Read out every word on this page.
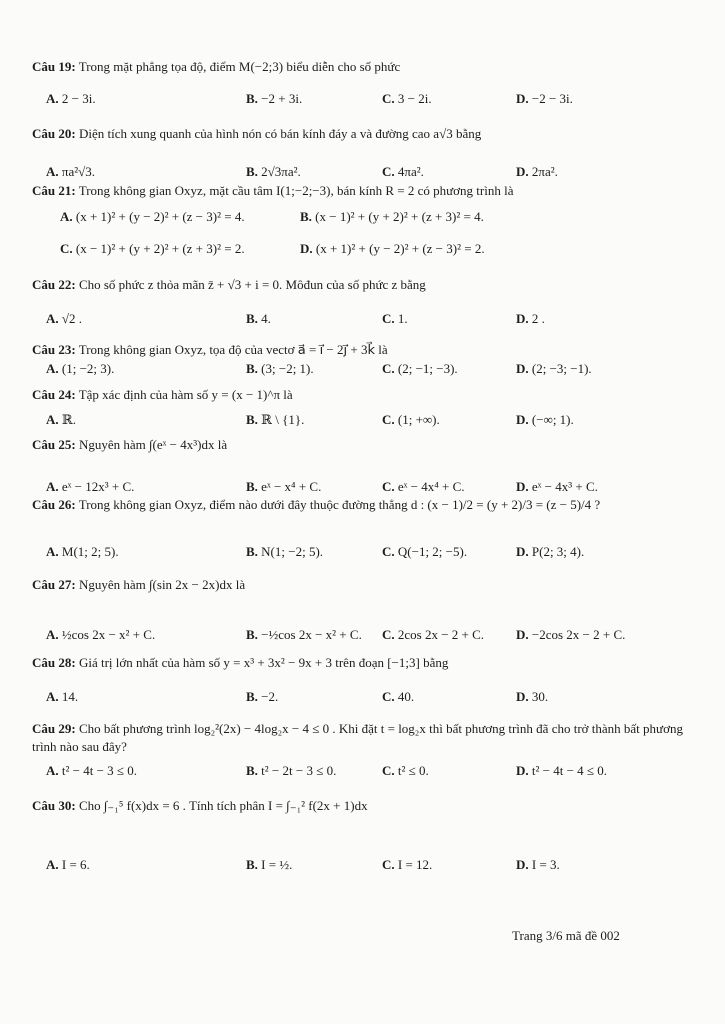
Câu 19: Trong mặt phẳng tọa độ, điểm M(−2;3) biểu diễn cho số phức
A. 2 − 3i.	B. −2 + 3i.	C. 3 − 2i.	D. −2 − 3i.
Câu 20: Diện tích xung quanh của hình nón có bán kính đáy a và đường cao a√3 bằng
A. πa²√3.	B. 2√3πa².	C. 4πa².	D. 2πa².
Câu 21: Trong không gian Oxyz, mặt cầu tâm I(1;−2;−3), bán kính R = 2 có phương trình là
A. (x + 1)² + (y − 2)² + (z − 3)² = 4.	B. (x − 1)² + (y + 2)² + (z + 3)² = 4.
C. (x − 1)² + (y + 2)² + (z + 3)² = 2.	D. (x + 1)² + (y − 2)² + (z − 3)² = 2.
Câu 22: Cho số phức z thỏa mãn z̄ + √3 + i = 0. Môđun của số phức z bằng
A. √2 .	B. 4.	C. 1.	D. 2 .
Câu 23: Trong không gian Oxyz, tọa độ của vectơ a⃗ = i⃗ − 2j⃗ + 3k⃗ là
A. (1; −2; 3).	B. (3; −2; 1).	C. (2; −1; −3).	D. (2; −3; −1).
Câu 24: Tập xác định của hàm số y = (x − 1)^π là
A. ℝ.	B. ℝ \ {1}.	C. (1; +∞).	D. (−∞; 1).
Câu 25: Nguyên hàm ∫(eˣ − 4x³)dx là
A. eˣ − 12x³ + C.	B. eˣ − x⁴ + C.	C. eˣ − 4x⁴ + C.	D. eˣ − 4x³ + C.
Câu 26: Trong không gian Oxyz, điểm nào dưới đây thuộc đường thẳng d : (x − 1)/2 = (y + 2)/3 = (z − 5)/4 ?
A. M(1; 2; 5).	B. N(1; −2; 5).	C. Q(−1; 2; −5).	D. P(2; 3; 4).
Câu 27: Nguyên hàm ∫(sin 2x − 2x)dx là
A. ½cos 2x − x² + C.	B. −½cos 2x − x² + C. C. 2cos 2x − 2 + C. D. −2cos 2x − 2 + C.
Câu 28: Giá trị lớn nhất của hàm số y = x³ + 3x² − 9x + 3 trên đoạn [−1;3] bằng
A. 14.	B. −2.	C. 40.	D. 30.
Câu 29: Cho bất phương trình log₂²(2x) − 4log₂x − 4 ≤ 0 . Khi đặt t = log₂x thì bất phương trình đã cho trở thành bất phương trình nào sau đây?
A. t² − 4t − 3 ≤ 0.	B. t² − 2t − 3 ≤ 0.	C. t² ≤ 0.	D. t² − 4t − 4 ≤ 0.
Câu 30: Cho ∫₋₁⁵ f(x)dx = 6 . Tính tích phân I = ∫₋₁² f(2x + 1)dx
A. I = 6.	B. I = ½.	C. I = 12.	D. I = 3.
Trang 3/6 mã đề 002
